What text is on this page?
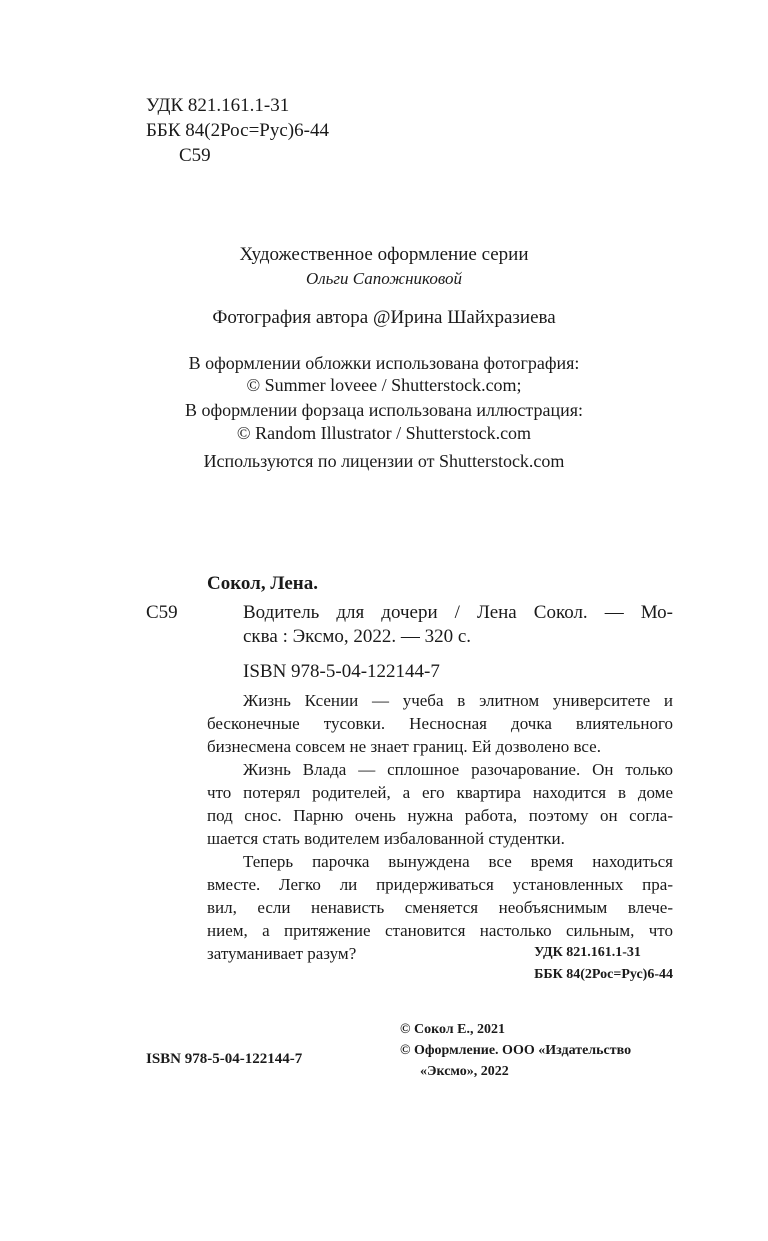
УДК 821.161.1-31
ББК 84(2Рос=Рус)6-44
С59
Художественное оформление серии
Ольги Сапожниковой
Фотография автора @Ирина Шайхразиева
В оформлении обложки использована фотография:
© Summer loveee / Shutterstock.com;
В оформлении форзаца использована иллюстрация:
© Random Illustrator / Shutterstock.com
Используются по лицензии от Shutterstock.com
Сокол, Лена.
С59	Водитель для дочери / Лена Сокол. — Мо-
сква : Эксмо, 2022. — 320 с.
ISBN 978-5-04-122144-7

Жизнь Ксении — учеба в элитном университете и
бесконечные тусовки. Несносная дочка влиятельного
бизнесмена совсем не знает границ. Ей дозволено все.

Жизнь Влада — сплошное разочарование. Он только
что потерял родителей, а его квартира находится в доме
под снос. Парню очень нужна работа, поэтому он согла-
шается стать водителем избалованной студентки.

Теперь парочка вынуждена все время находиться
вместе. Легко ли придерживаться установленных пра-
вил, если ненависть сменяется необъяснимым влече-
нием, а притяжение становится настолько сильным, что
затуманивает разум?	УДК 821.161.1-31
ББК 84(2Рос=Рус)6-44
ISBN 978-5-04-122144-7
© Сокол Е., 2021
© Оформление. ООО «Издательство
«Эксмо», 2022
